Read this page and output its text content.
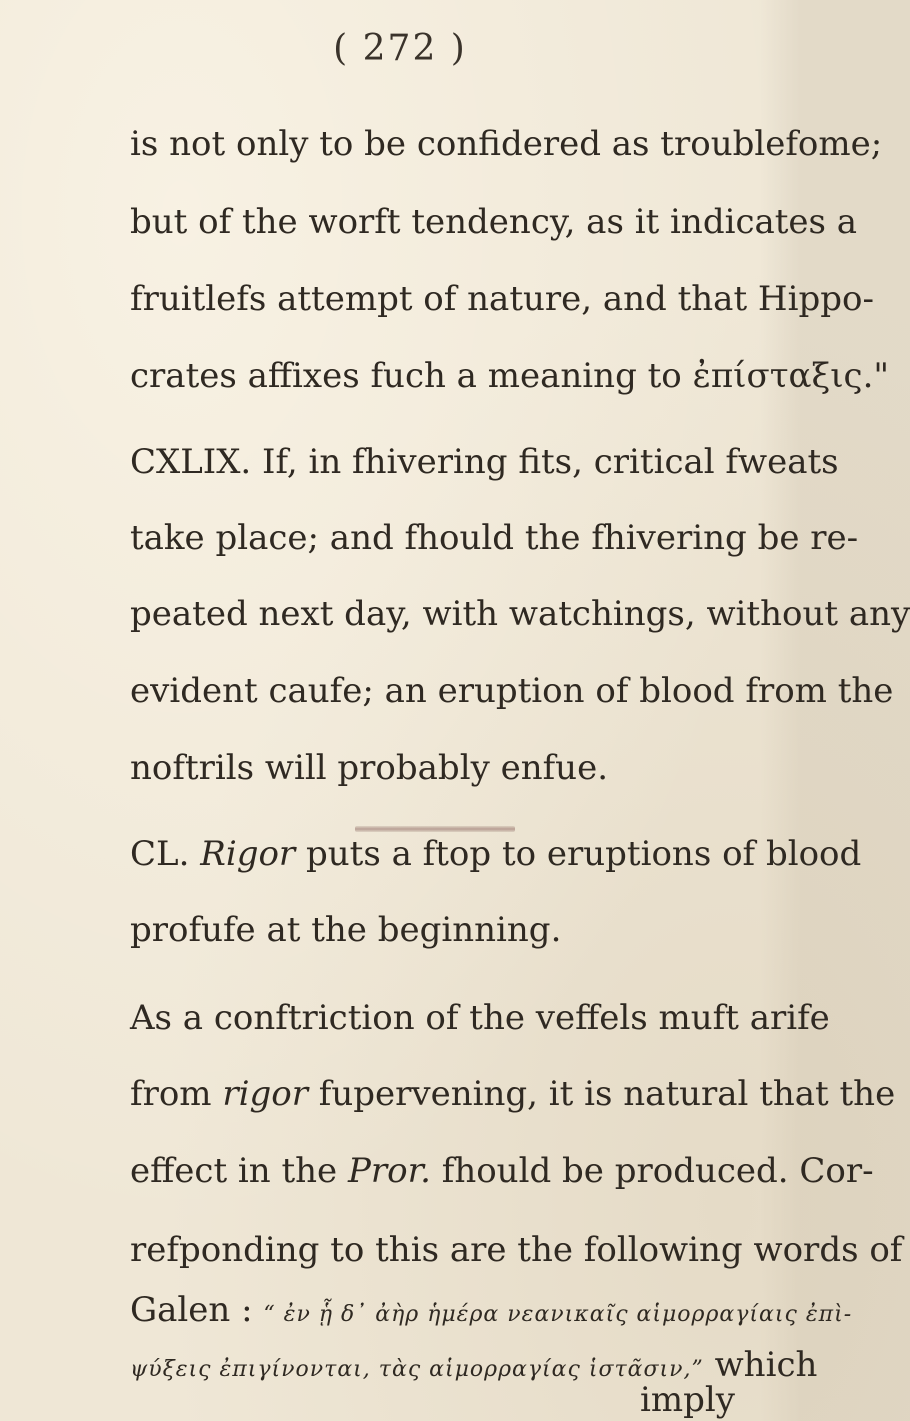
( 272 )
is not only to be confidered as troublefome;
but of the worft tendency, as it indicates a
fruitlefs attempt of nature, and that Hippo-
crates affixes fuch a meaning to ἐπίσταξις."
CXLIX. If, in fhivering fits, critical fweats
take place; and fhould the fhivering be re-
peated next day, with watchings, without any
evident caufe; an eruption of blood from the
noftrils will probably enfue.
CL. Rigor puts a ftop to eruptions of blood
profufe at the beginning.
As a conftriction of the veffels muft arife
from rigor fupervening, it is natural that the
effect in the Pror. fhould be produced. Cor-
refponding to this are the following words of
Galen : “ ἐν ᾗ δ᾽ ἀὴρ ἡμέρα νεανικαῖς αἱμορραγίαις ἐπὶ-
ψύξεις ἐπιγίνονται, τὰς αἱμορραγίας ἱστᾶσιν,” which
imply
